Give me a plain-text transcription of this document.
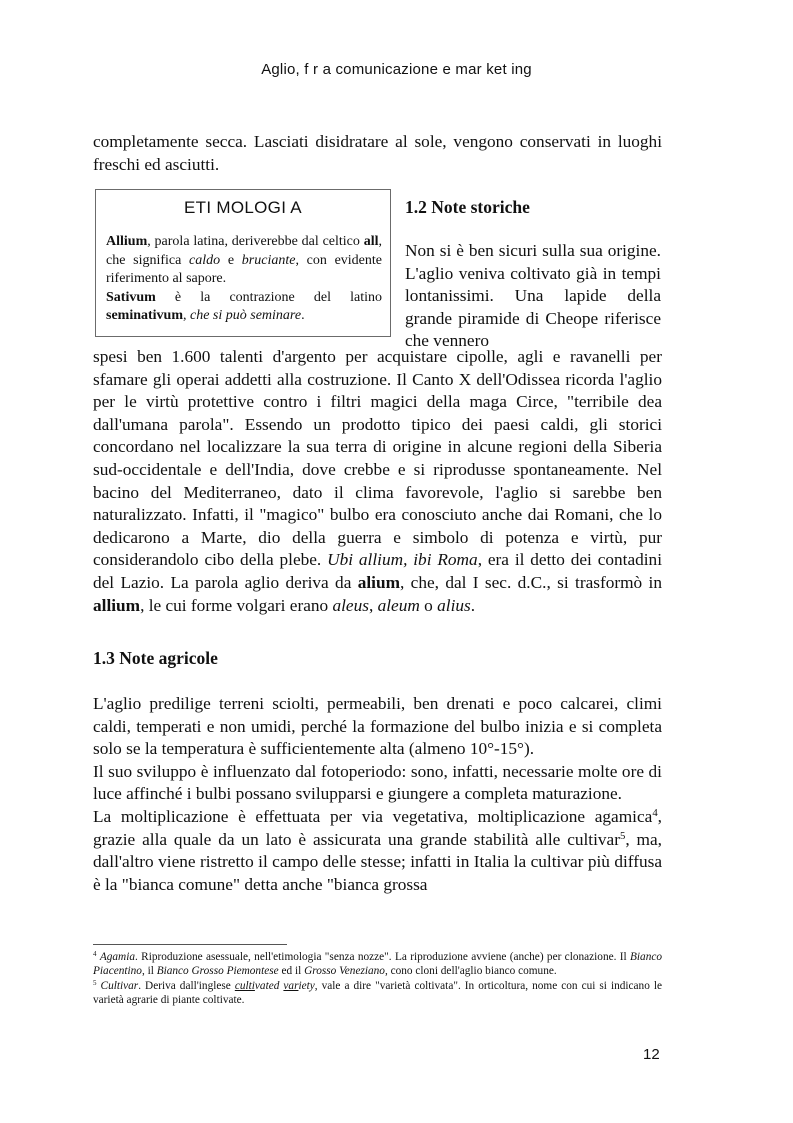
Aglio, f r a comunicazione e mar ket ing

completamente secca. Lasciati disidratare al sole, vengono conservati in luoghi freschi ed asciutti.

ETI MOLOGI A

Allium, parola latina, deriverebbe dal celtico all, che significa caldo e bruciante, con evidente riferimento al sapore.
Sativum è la contrazione del latino seminativum, che si può seminare.

1.2 Note storiche

Non si è ben sicuri sulla sua origine. L'aglio veniva coltivato già in tempi lontanissimi. Una lapide della grande piramide di Cheope riferisce che vennero

spesi ben 1.600 talenti d'argento per acquistare cipolle, agli e ravanelli per sfamare gli operai addetti alla costruzione. Il Canto X dell'Odissea ricorda l'aglio per le virtù protettive contro i filtri magici della maga Circe, "terribile dea dall'umana parola". Essendo un prodotto tipico dei paesi caldi, gli storici concordano nel localizzare la sua terra di origine in alcune regioni della Siberia sud-occidentale e dell'India, dove crebbe e si riprodusse spontaneamente. Nel bacino del Mediterraneo, dato il clima favorevole, l'aglio si sarebbe ben naturalizzato. Infatti, il "magico" bulbo era conosciuto anche dai Romani, che lo dedicarono a Marte, dio della guerra e simbolo di potenza e virtù, pur considerandolo cibo della plebe. Ubi allium, ibi Roma, era il detto dei contadini del Lazio. La parola aglio deriva da alium, che, dal I sec. d.C., si trasformò in allium, le cui forme volgari erano aleus, aleum o alius.

1.3 Note agricole
L'aglio predilige terreni sciolti, permeabili, ben drenati e poco calcarei, climi caldi, temperati e non umidi, perché la formazione del bulbo inizia e si completa solo se la temperatura è sufficientemente alta (almeno 10°-15°).
Il suo sviluppo è influenzato dal fotoperiodo: sono, infatti, necessarie molte ore di luce affinché i bulbi possano svilupparsi e giungere a completa maturazione.
La moltiplicazione è effettuata per via vegetativa, moltiplicazione agamica$^4$, grazie alla quale da un lato è assicurata una grande stabilità alle cultivar$^5$, ma, dall'altro viene ristretto il campo delle stesse; infatti in Italia la cultivar più diffusa è la "bianca comune" detta anche "bianca grossa

$^4$ Agamia. Riproduzione asessuale, nell'etimologia "senza nozze". La riproduzione avviene (anche) per clonazione. Il Bianco Piacentino, il Bianco Grosso Piemontese ed il Grosso Veneziano, cono cloni dell'aglio bianco comune.

$^5$ Cultivar. Deriva dall'inglese cultivated variety, vale a dire "varietà coltivata". In orticoltura, nome con cui si indicano le varietà agrarie di piante coltivate.

12
